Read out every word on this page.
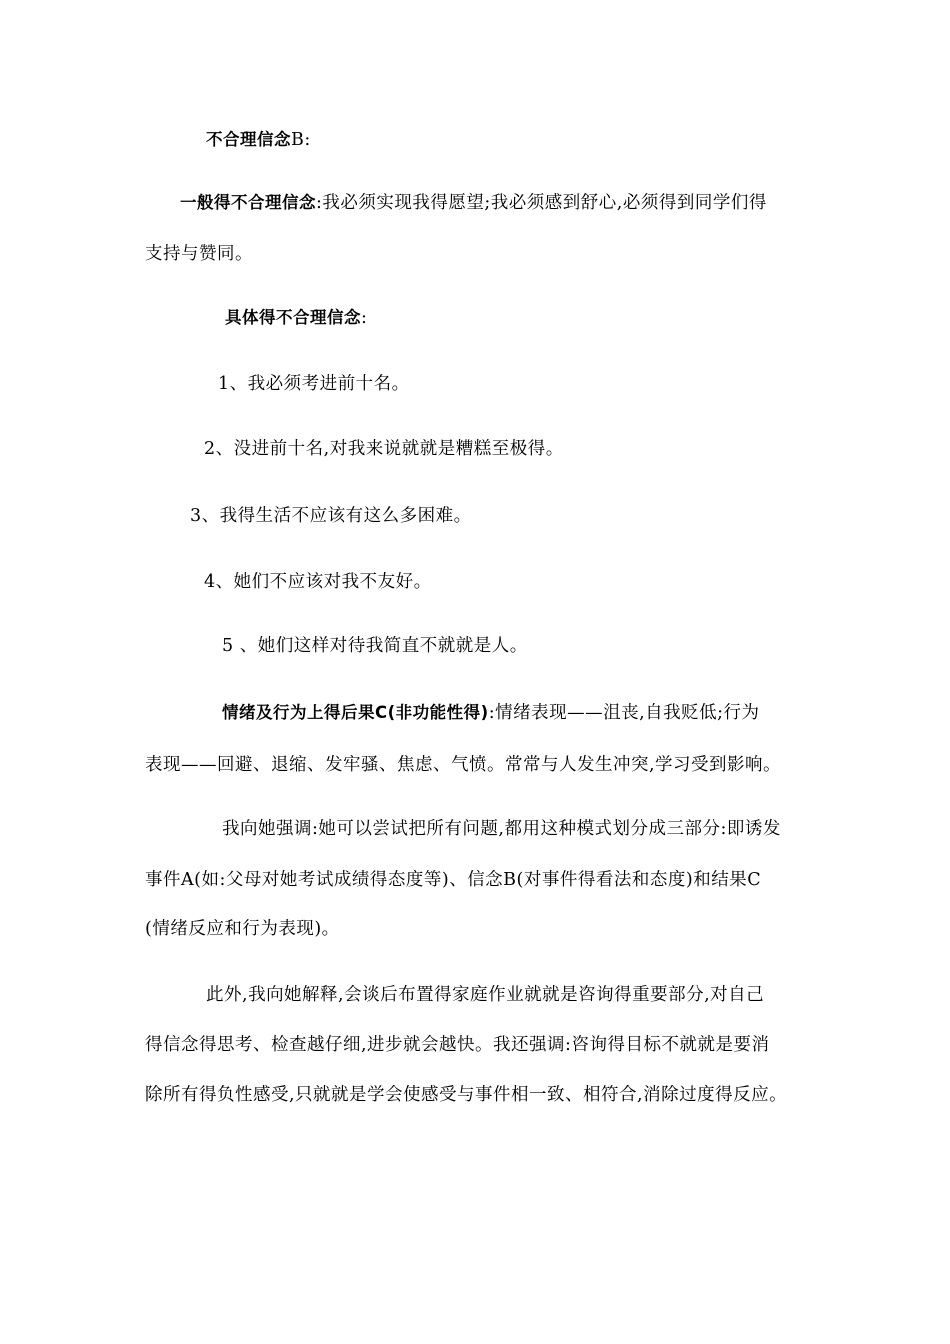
不合理信念B:
一般得不合理信念:我必须实现我得愿望;我必须感到舒心,必须得到同学们得
支持与赞同。
具体得不合理信念:
1、我必须考进前十名。
2、没进前十名,对我来说就就是糟糕至极得。
3、我得生活不应该有这么多困难。
4、她们不应该对我不友好。
5 、她们这样对待我简直不就就是人。
情绪及行为上得后果C(非功能性得):情绪表现——沮丧,自我贬低;行为
表现——回避、退缩、发牢骚、焦虑、气愤。常常与人发生冲突,学习受到影响。
我向她强调:她可以尝试把所有问题,都用这种模式划分成三部分:即诱发
事件A(如:父母对她考试成绩得态度等)、信念B(对事件得看法和态度)和结果C
(情绪反应和行为表现)。
此外,我向她解释,会谈后布置得家庭作业就就是咨询得重要部分,对自己
得信念得思考、检查越仔细,进步就会越快。我还强调:咨询得目标不就就是要消
除所有得负性感受,只就就是学会使感受与事件相一致、相符合,消除过度得反应。
